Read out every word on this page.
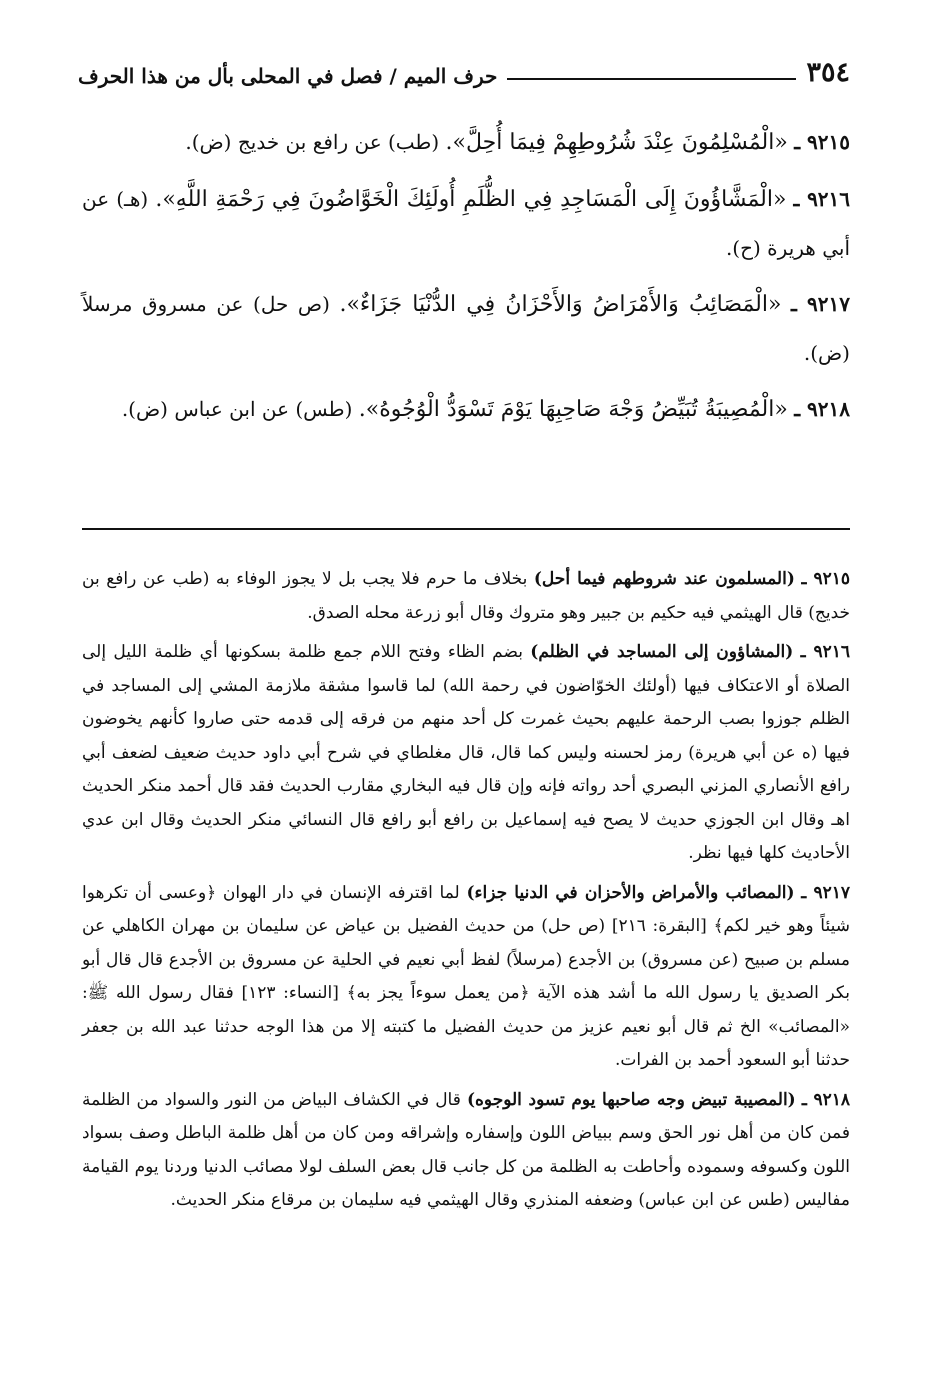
٣٥٤
حرف الميم / فصل في المحلى بأل من هذا الحرف

٩٢١٥ ـ «الْمُسْلِمُونَ عِنْدَ شُرُوطِهِمْ فِيمَا أُحِلَّ». (طب) عن رافع بن خديج (ض).

٩٢١٦ ـ «الْمَشَّاؤُونَ إِلَى الْمَسَاجِدِ فِي الظُّلَمِ أُولَئِكَ الْخَوَّاضُونَ فِي رَحْمَةِ اللَّهِ». (هـ) عن أبي هريرة (ح).

٩٢١٧ ـ «الْمَصَائِبُ وَالأَمْرَاضُ وَالأَحْزَانُ فِي الدُّنْيَا جَزَاءٌ». (ص حل) عن مسروق مرسلاً (ض).

٩٢١٨ ـ «الْمُصِيبَةُ تُبَيِّضُ وَجْهَ صَاحِبِهَا يَوْمَ تَسْوَدُّ الْوُجُوهُ». (طس) عن ابن عباس (ض).

٩٢١٥ ـ (المسلمون عند شروطهم فيما أحل) بخلاف ما حرم فلا يجب بل لا يجوز الوفاء به (طب عن رافع بن خديج) قال الهيثمي فيه حكيم بن جبير وهو متروك وقال أبو زرعة محله الصدق.

٩٢١٦ ـ (المشاؤون إلى المساجد في الظلم) بضم الظاء وفتح اللام جمع ظلمة بسكونها أي ظلمة الليل إلى الصلاة أو الاعتكاف فيها (أولئك الخوّاضون في رحمة الله) لما قاسوا مشقة ملازمة المشي إلى المساجد في الظلم جوزوا بصب الرحمة عليهم بحيث غمرت كل أحد منهم من فرقه إلى قدمه حتى صاروا كأنهم يخوضون فيها (ه عن أبي هريرة) رمز لحسنه وليس كما قال، قال مغلطاي في شرح أبي داود حديث ضعيف لضعف أبي رافع الأنصاري المزني البصري أحد رواته فإنه وإن قال فيه البخاري مقارب الحديث فقد قال أحمد منكر الحديث اهـ وقال ابن الجوزي حديث لا يصح فيه إسماعيل بن رافع أبو رافع قال النسائي منكر الحديث وقال ابن عدي الأحاديث كلها فيها نظر.

٩٢١٧ ـ (المصائب والأمراض والأحزان في الدنيا جزاء) لما اقترفه الإنسان في دار الهوان ﴿وعسى أن تكرهوا شيئاً وهو خير لكم﴾ [البقرة: ٢١٦] (ص حل) من حديث الفضيل بن عياض عن سليمان بن مهران الكاهلي عن مسلم بن صبيح (عن مسروق) بن الأجدع (مرسلاً) لفظ أبي نعيم في الحلية عن مسروق بن الأجدع قال قال أبو بكر الصديق يا رسول الله ما أشد هذه الآية ﴿من يعمل سوءاً يجز به﴾ [النساء: ١٢٣] فقال رسول الله ﷺ: «المصائب» الخ ثم قال أبو نعيم عزيز من حديث الفضيل ما كتبته إلا من هذا الوجه حدثنا عبد الله بن جعفر حدثنا أبو السعود أحمد بن الفرات.

٩٢١٨ ـ (المصيبة تبيض وجه صاحبها يوم تسود الوجوه) قال في الكشاف البياض من النور والسواد من الظلمة فمن كان من أهل نور الحق وسم ببياض اللون وإسفاره وإشراقه ومن كان من أهل ظلمة الباطل وصف بسواد اللون وكسوفه وسموده وأحاطت به الظلمة من كل جانب قال بعض السلف لولا مصائب الدنيا وردنا يوم القيامة مفاليس (طس عن ابن عباس) وضعفه المنذري وقال الهيثمي فيه سليمان بن مرقاع منكر الحديث.
